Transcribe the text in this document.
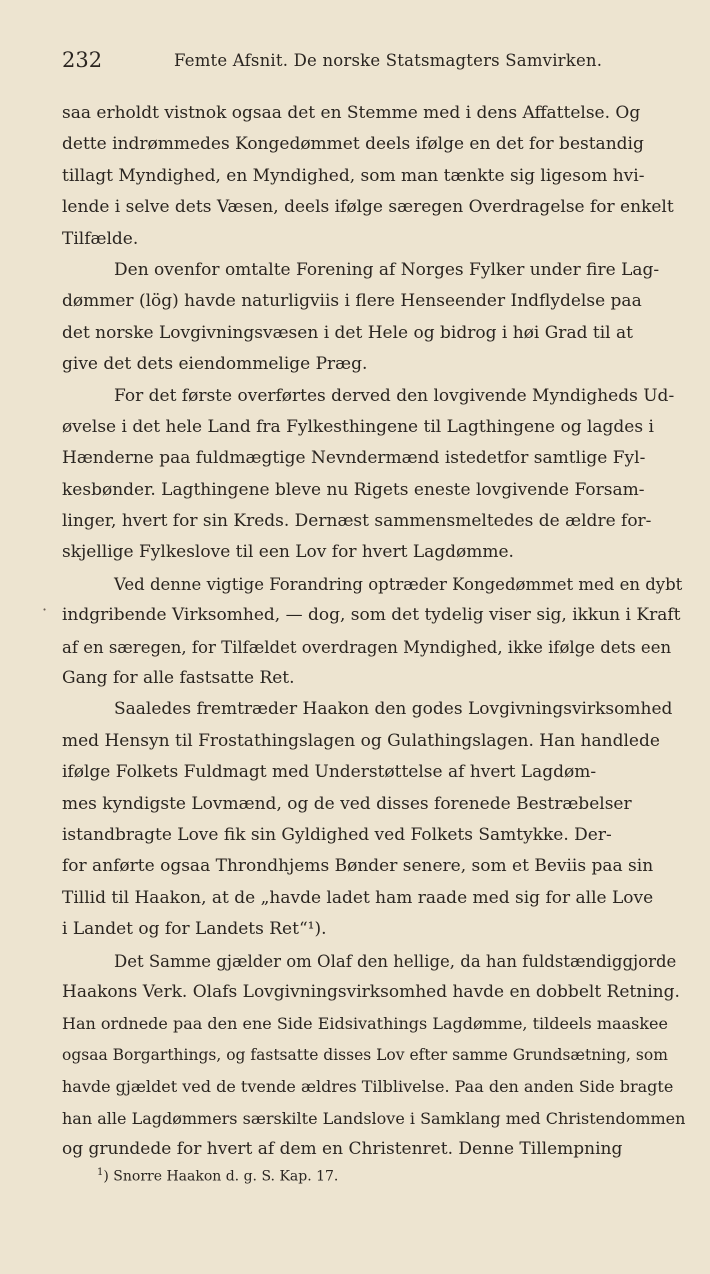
232	Femte Afsnit. De norske Statsmagters Samvirken.
saa erholdt vistnok ogsaa det en Stemme med i dens Affattelse. Og
dette indrømmedes Kongedømmet deels ifølge en det for bestandig
tillagt Myndighed, en Myndighed, som man tænkte sig ligesom hvi-
lende i selve dets Væsen, deels ifølge særegen Overdragelse for enkelt
Tilfælde.
Den ovenfor omtalte Forening af Norges Fylker under fire Lag-
dømmer (lög) havde naturligviis i flere Henseender Indflydelse paa
det norske Lovgivningsvæsen i det Hele og bidrog i høi Grad til at
give det dets eiendommelige Præg.
For det første overførtes derved den lovgivende Myndigheds Ud-
øvelse i det hele Land fra Fylkesthingene til Lagthingene og lagdes i
Hænderne paa fuldmægtige Nevndermænd istedetfor samtlige Fyl-
kesbønder. Lagthingene bleve nu Rigets eneste lovgivende Forsam-
linger, hvert for sin Kreds. Dernæst sammensmeltedes de ældre for-
skjellige Fylkeslove til een Lov for hvert Lagdømme.
Ved denne vigtige Forandring optræder Kongedømmet med en dybt
indgribende Virksomhed, — dog, som det tydelig viser sig, ikkun i Kraft
af en særegen, for Tilfældet overdragen Myndighed, ikke ifølge dets een
Gang for alle fastsatte Ret.
Saaledes fremtræder Haakon den godes Lovgivningsvirksomhed
med Hensyn til Frostathingslagen og Gulathingslagen. Han handlede
ifølge Folkets Fuldmagt med Understøttelse af hvert Lagdøm-
mes kyndigste Lovmænd, og de ved disses forenede Bestræbelser
istandbragte Love fik sin Gyldighed ved Folkets Samtykke. Der-
for anførte ogsaa Throndhjems Bønder senere, som et Beviis paa sin
Tillid til Haakon, at de „havde ladet ham raade med sig for alle Love
i Landet og for Landets Ret“¹).
Det Samme gjælder om Olaf den hellige, da han fuldstændiggjorde
Haakons Verk. Olafs Lovgivningsvirksomhed havde en dobbelt Retning.
Han ordnede paa den ene Side Eidsivathings Lagdømme, tildeels maaskee
ogsaa Borgarthings, og fastsatte disses Lov efter samme Grundsætning, som
havde gjældet ved de tvende ældres Tilblivelse. Paa den anden Side bragte
han alle Lagdømmers særskilte Landslove i Samklang med Christendommen
og grundede for hvert af dem en Christenret. Denne Tillempning
·
$^1$) Snorre Haakon d. g. S. Kap. 17.
